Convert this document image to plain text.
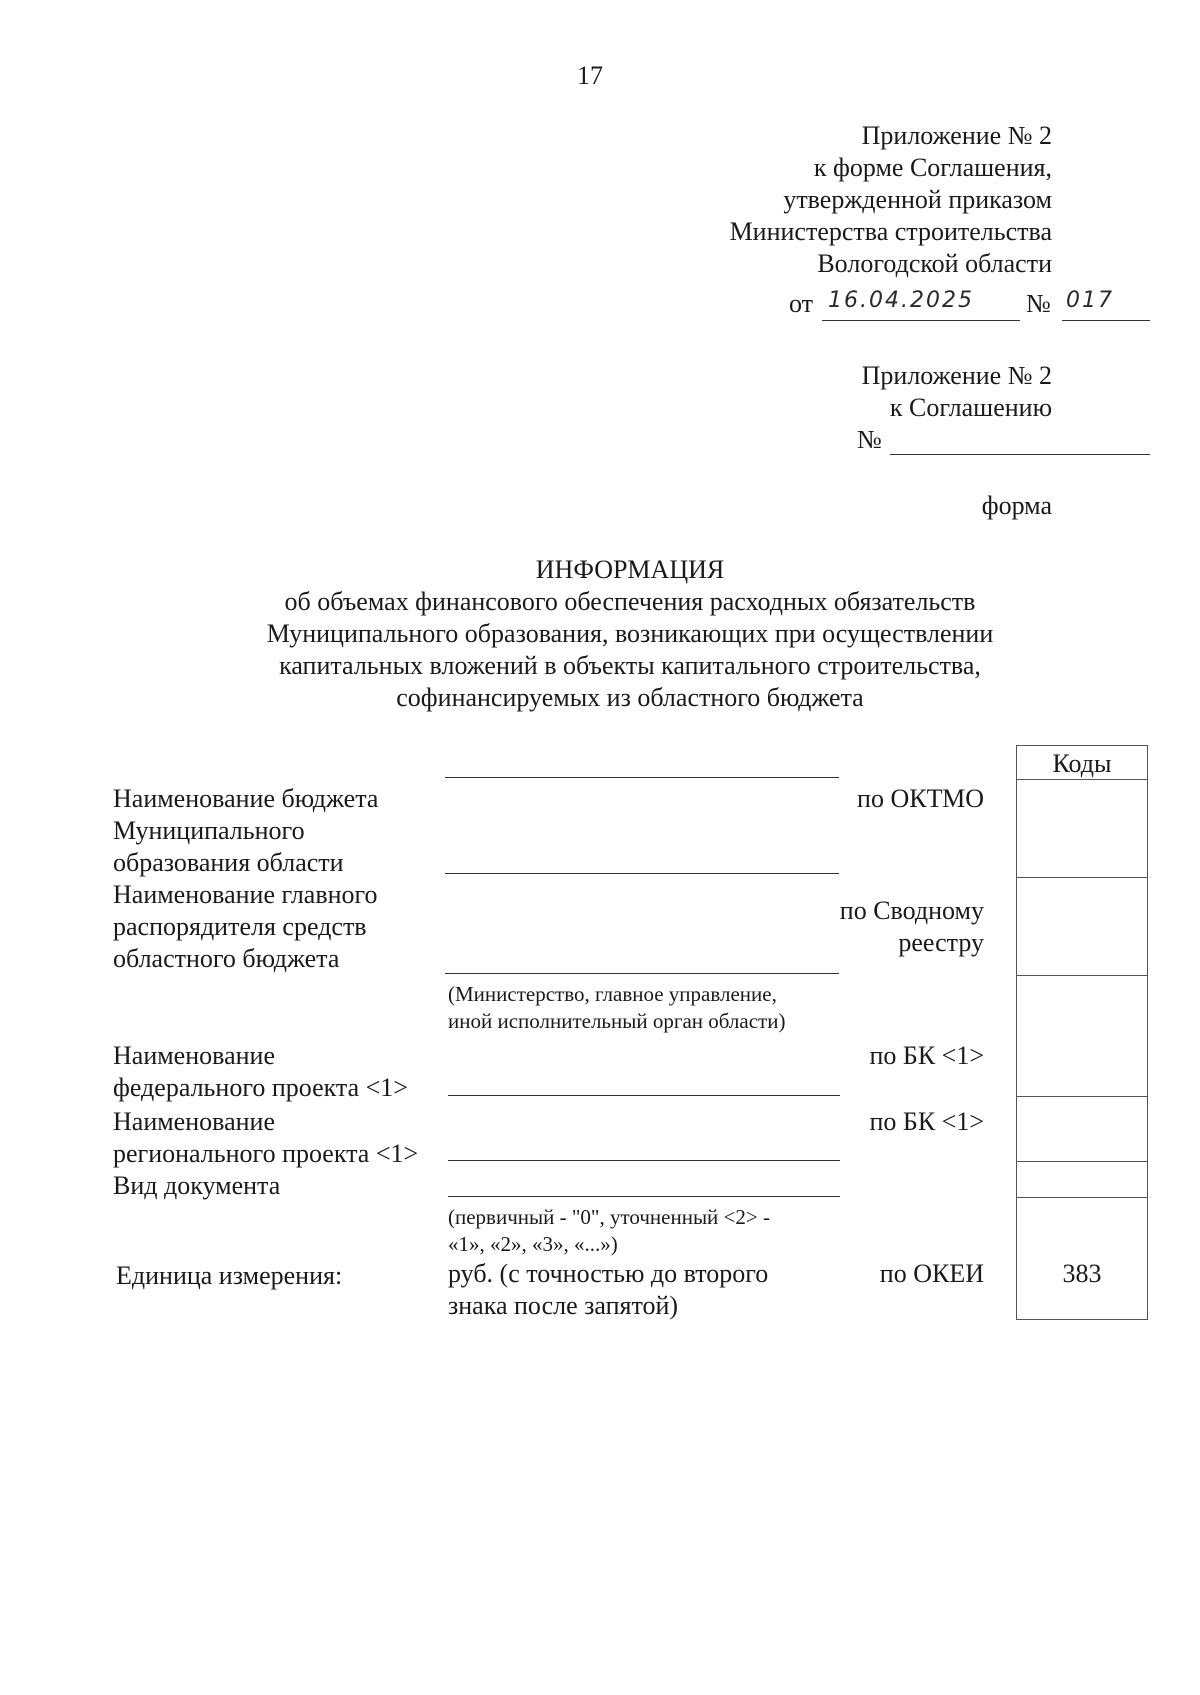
17
Приложение № 2
к форме Соглашения,
утвержденной приказом
Министерства строительства
Вологодской области
от 16.04.2025 № 017
Приложение № 2
к Соглашению
№
форма
ИНФОРМАЦИЯ
об объемах финансового обеспечения расходных обязательств
Муниципального образования, возникающих при осуществлении
капитальных вложений в объекты капитального строительства,
софинансируемых из областного бюджета
Наименование бюджета
Муниципального
образования области
Наименование главного
распорядителя средств
областного бюджета
(Министерство, главное управление,
иной исполнительный орган области)
Наименование
федерального проекта <1>
Наименование
регионального проекта <1>
Вид документа
(первичный - "0", уточненный <2> -
«1», «2», «3», «...»)
Единица измерения:	руб. (с точностью до второго
знака после запятой)
по ОКТМО
по Сводному
реестру
по БК <1>
по БК <1>
по ОКЕИ
Коды
383
